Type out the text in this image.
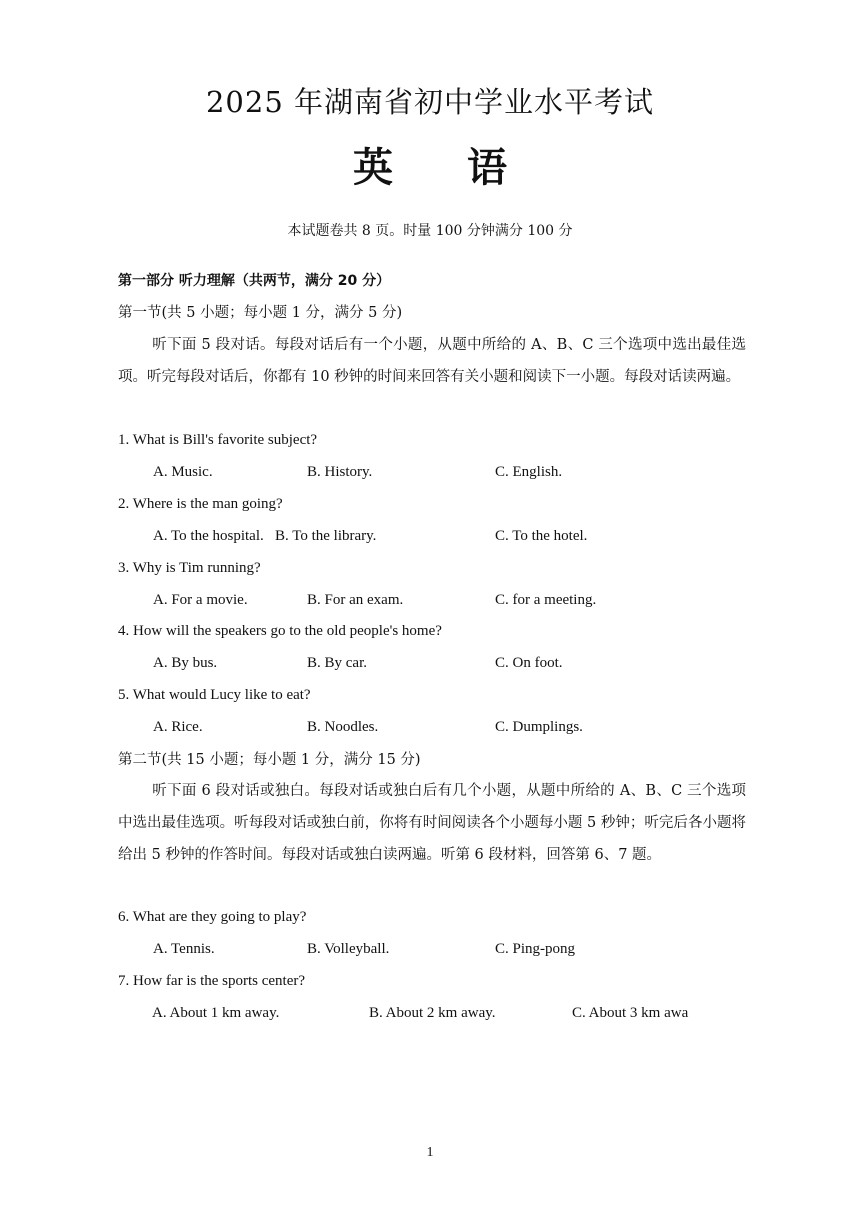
2025 年湖南省初中学业水平考试
英 语
本试题卷共 8 页。时量 100 分钟满分 100 分
第一部分 听力理解（共两节，满分 20 分）
第一节(共 5 小题；每小题 1 分，满分 5 分)
听下面 5 段对话。每段对话后有一个小题，从题中所给的 A、B、C 三个选项中选出最佳选项。听完每段对话后，你都有 10 秒钟的时间来回答有关小题和阅读下一小题。每段对话读两遍。
1. What is Bill's favorite subject?
A. Music.	B. History.	C. English.
2. Where is the man going?
A. To the hospital. B. To the library.	C. To the hotel.
3. Why is Tim running?
A. For a movie.	B. For an exam.	C. for a meeting.
4. How will the speakers go to the old people's home?
A. By bus.	B. By car.	C. On foot.
5. What would Lucy like to eat?
A. Rice.	B. Noodles.	C. Dumplings.
第二节(共 15 小题；每小题 1 分，满分 15 分)
听下面 6 段对话或独白。每段对话或独白后有几个小题，从题中所给的 A、B、C 三个选项中选出最佳选项。听每段对话或独白前，你将有时间阅读各个小题每小题 5 秒钟；听完后各小题将给出 5 秒钟的作答时间。每段对话或独白读两遍。听第 6 段材料，回答第 6、7 题。
6. What are they going to play?
A. Tennis.	B. Volleyball.	C. Ping-pong
7. How far is the sports center?
A. About 1 km away.	B. About 2 km away.	C. About 3 km awa
1
